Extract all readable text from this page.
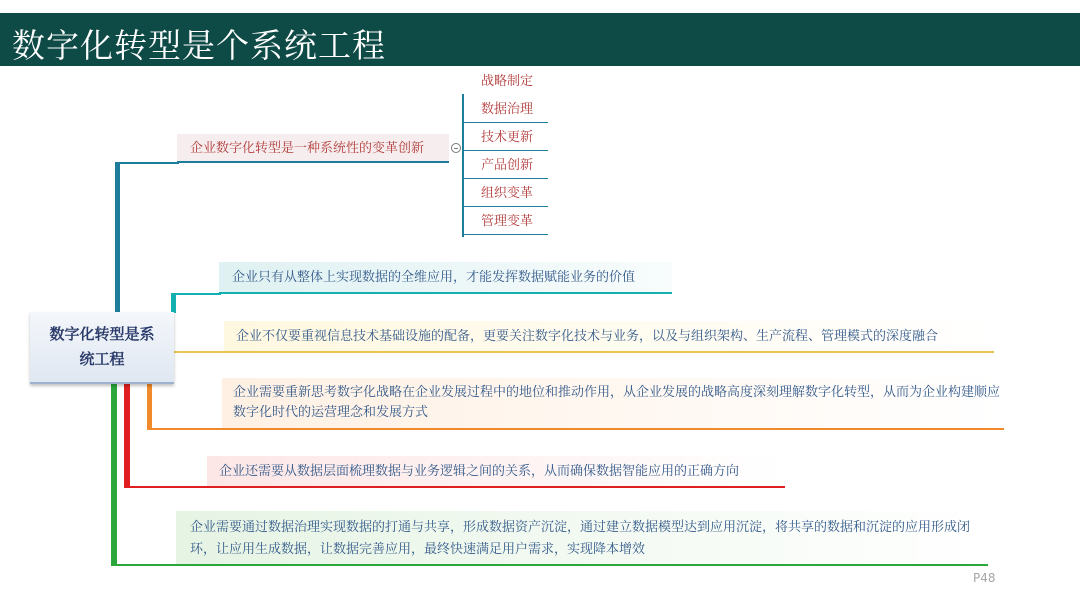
数字化转型是个系统工程
数字化转型是系统工程
企业数字化转型是一种系统性的变革创新
战略制定
数据治理
技术更新
产品创新
组织变革
管理变革
企业只有从整体上实现数据的全维应用，才能发挥数据赋能业务的价值
企业不仅要重视信息技术基础设施的配备，更要关注数字化技术与业务，以及与组织架构、生产流程、管理模式的深度融合
企业需要重新思考数字化战略在企业发展过程中的地位和推动作用，从企业发展的战略高度深刻理解数字化转型，从而为企业构建顺应数字化时代的运营理念和发展方式
企业还需要从数据层面梳理数据与业务逻辑之间的关系，从而确保数据智能应用的正确方向
企业需要通过数据治理实现数据的打通与共享，形成数据资产沉淀，通过建立数据模型达到应用沉淀，将共享的数据和沉淀的应用形成闭环，让应用生成数据，让数据完善应用，最终快速满足用户需求，实现降本增效
P48
